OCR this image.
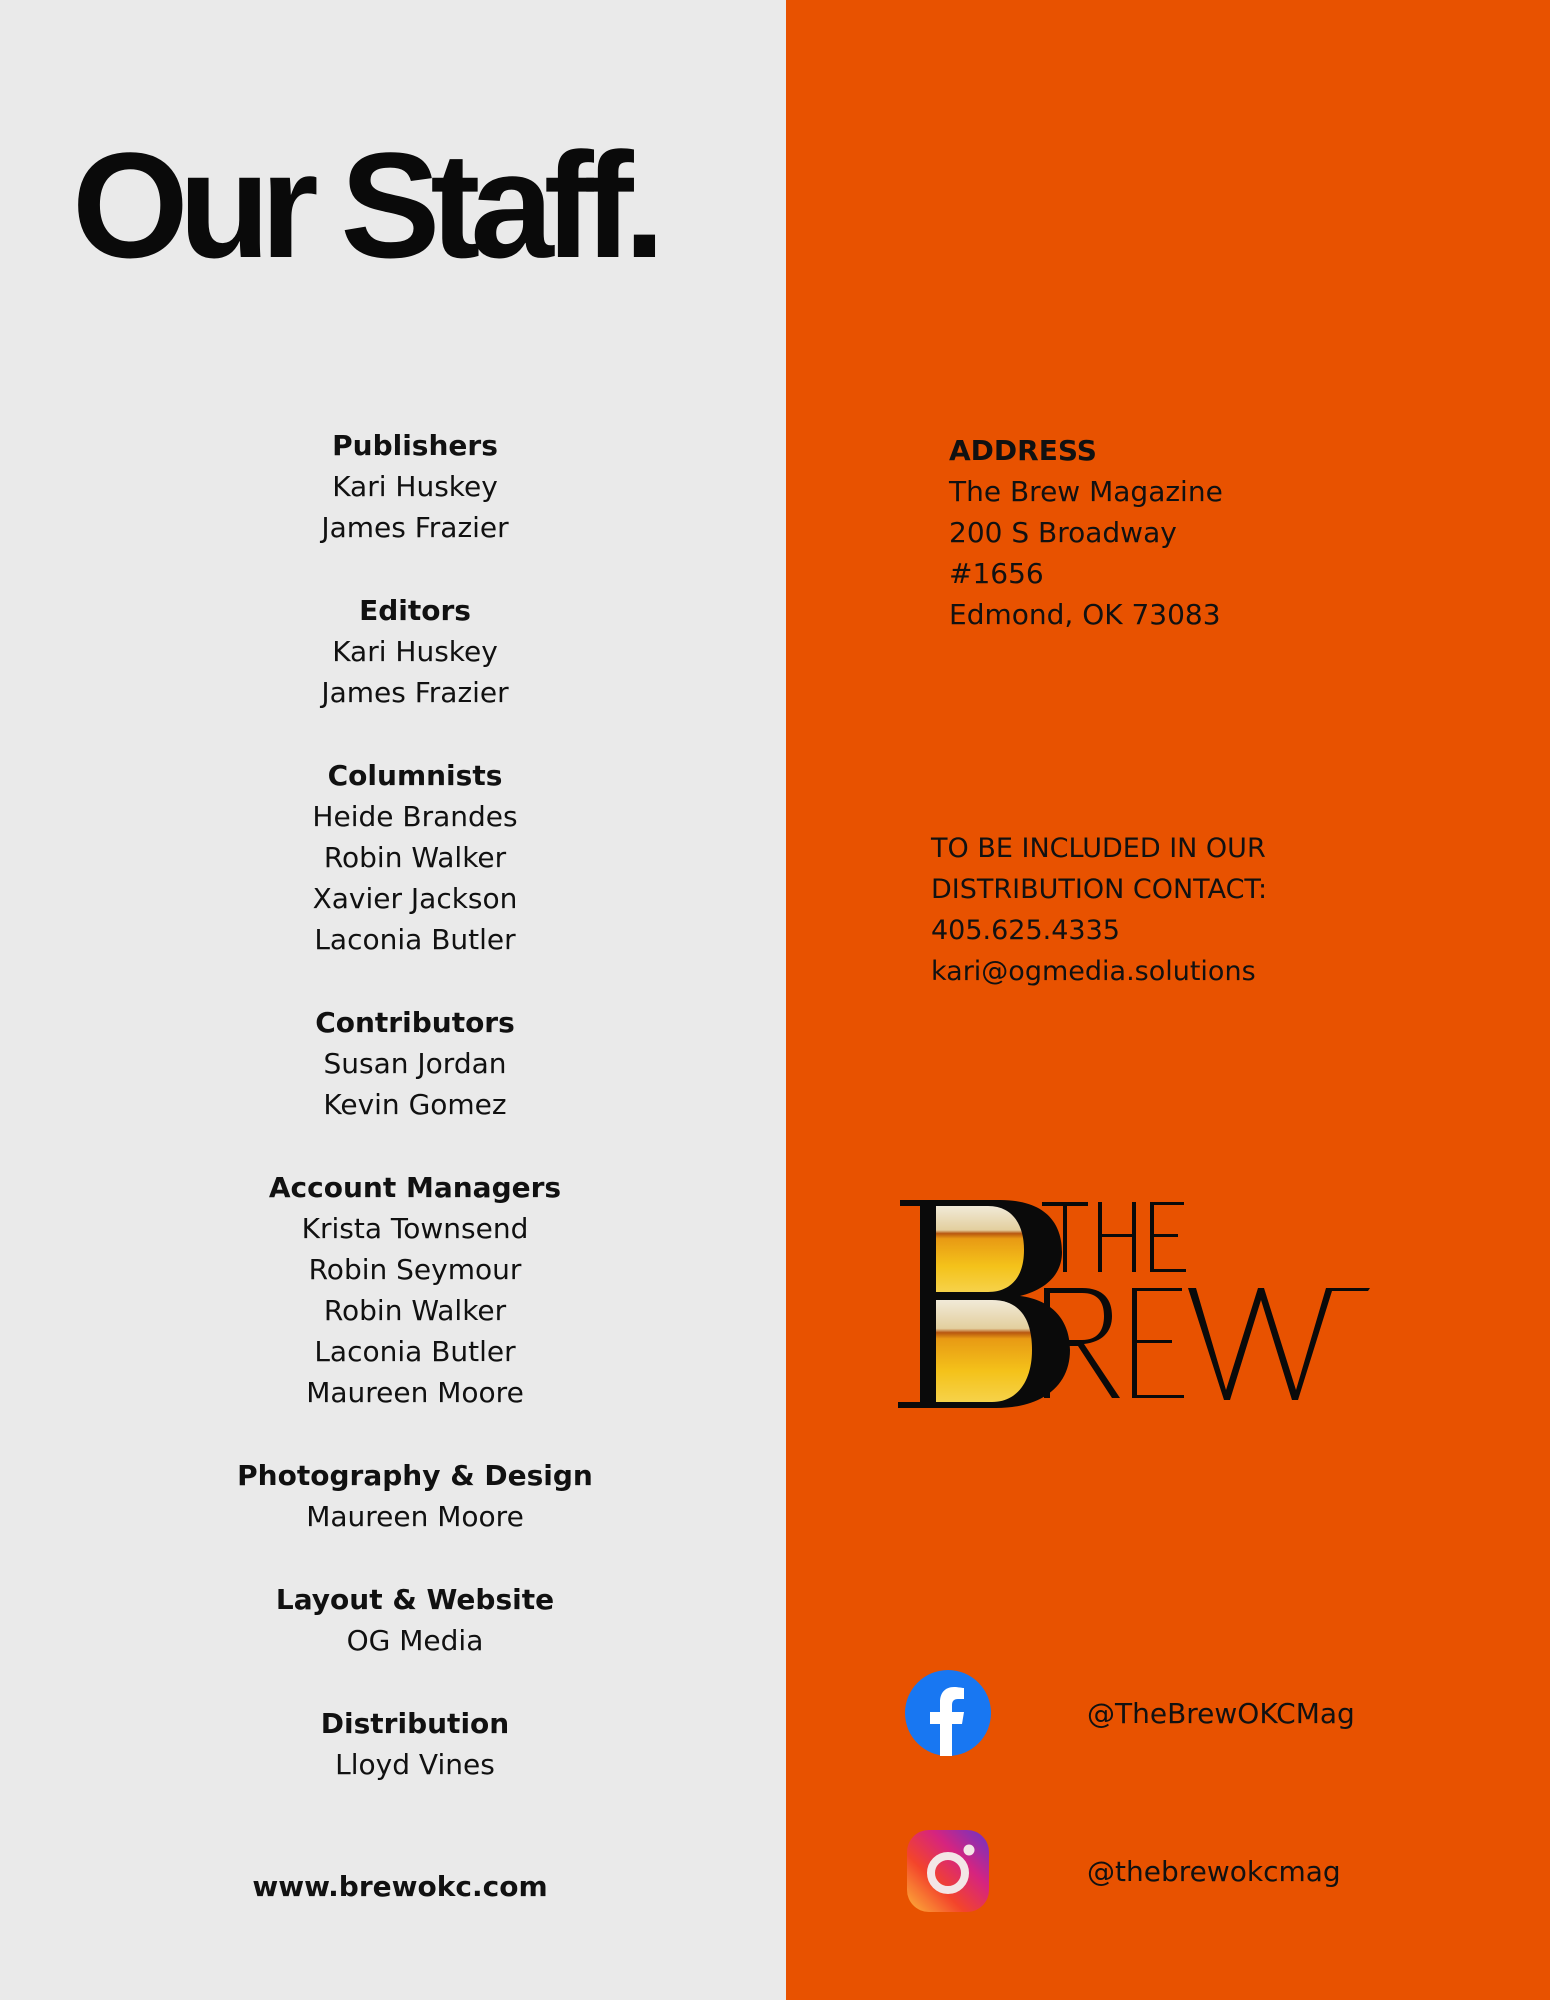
Our Staff.
Publishers
Kari Huskey
James Frazier
Editors
Kari Huskey
James Frazier
Columnists
Heide Brandes
Robin Walker
Xavier Jackson
Laconia Butler
Contributors
Susan Jordan
Kevin Gomez
Account Managers
Krista Townsend
Robin Seymour
Robin Walker
Laconia Butler
Maureen Moore
Photography & Design
Maureen Moore
Layout & Website
OG Media
Distribution
Lloyd Vines
www.brewokc.com
ADDRESS
The Brew Magazine
200 S Broadway
#1656
Edmond, OK 73083
TO BE INCLUDED IN OUR
DISTRIBUTION CONTACT:
405.625.4335
kari@ogmedia.solutions
@TheBrewOKCMag
@thebrewokcmag
